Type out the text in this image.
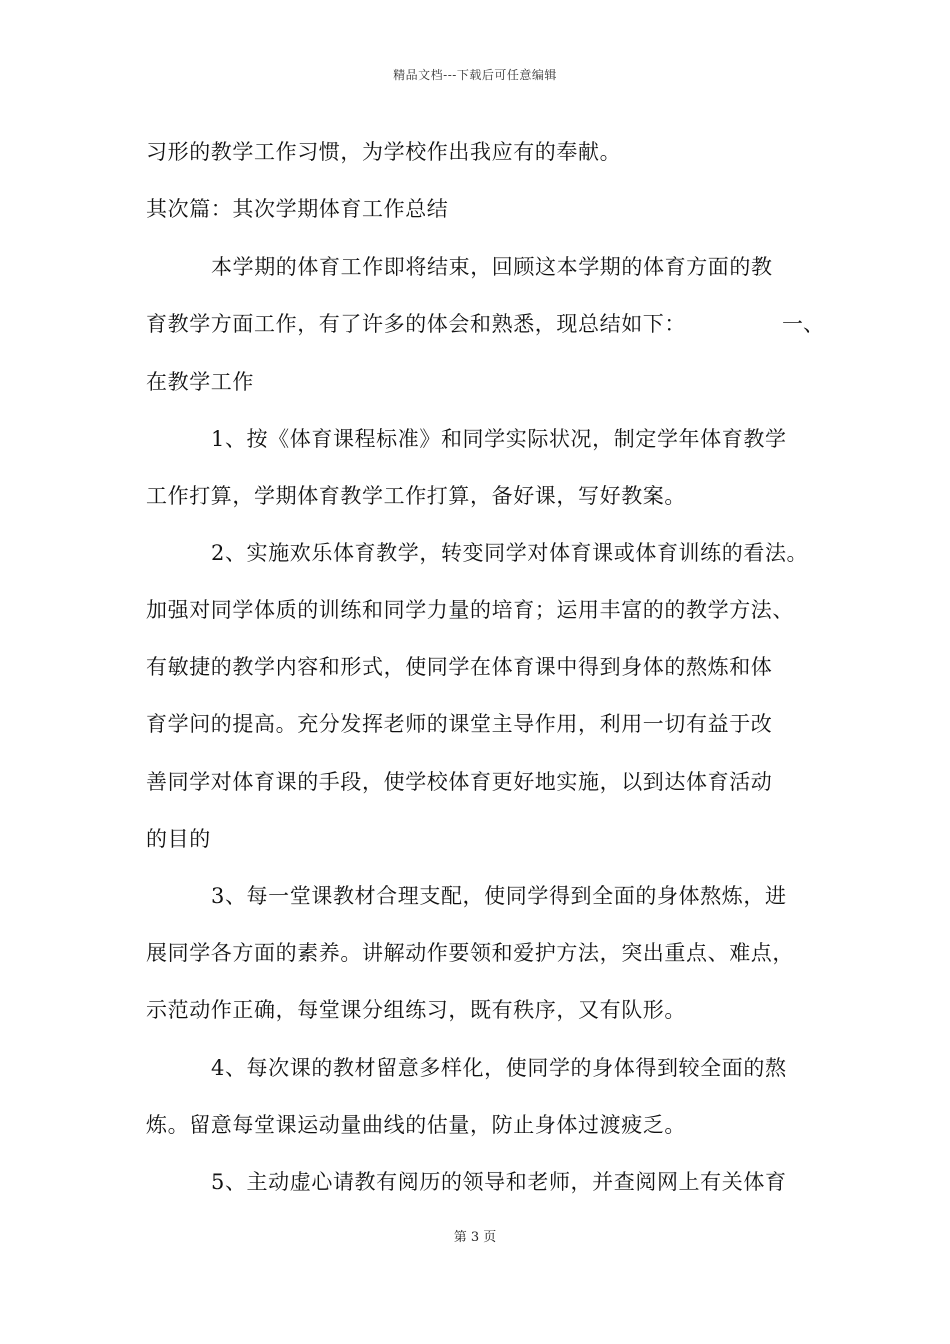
精品文档---下载后可任意编辑
习形的教学工作习惯，为学校作出我应有的奉献。
其次篇：其次学期体育工作总结
本学期的体育工作即将结束，回顾这本学期的体育方面的教
育教学方面工作，有了许多的体会和熟悉，现总结如下：	一、
在教学工作
1、按《体育课程标准》和同学实际状况，制定学年体育教学
工作打算，学期体育教学工作打算，备好课，写好教案。
2、实施欢乐体育教学，转变同学对体育课或体育训练的看法。
加强对同学体质的训练和同学力量的培育；运用丰富的的教学方法、
有敏捷的教学内容和形式，使同学在体育课中得到身体的熬炼和体
育学问的提高。充分发挥老师的课堂主导作用，利用一切有益于改
善同学对体育课的手段，使学校体育更好地实施，以到达体育活动
的目的
3、每一堂课教材合理支配，使同学得到全面的身体熬炼，进
展同学各方面的素养。讲解动作要领和爱护方法，突出重点、难点，
示范动作正确，每堂课分组练习，既有秩序，又有队形。
4、每次课的教材留意多样化，使同学的身体得到较全面的熬
炼。留意每堂课运动量曲线的估量，防止身体过渡疲乏。
5、主动虚心请教有阅历的领导和老师，并查阅网上有关体育
第 3 页
